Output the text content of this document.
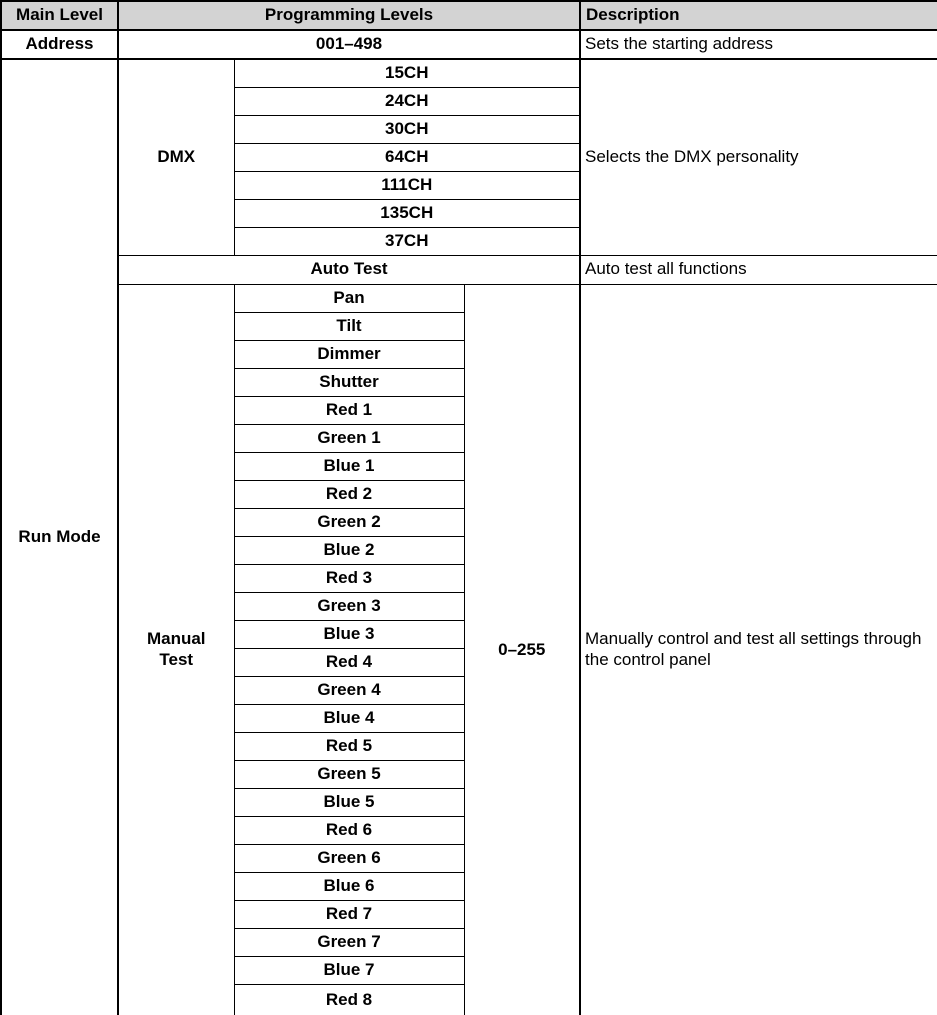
Main Level	Programming Levels			Description
Address	001–498			Sets the starting address
Run Mode	DMX	15CH		Selects the DMX personality
		24CH		
		30CH		
		64CH		
		111CH		
		135CH		
		37CH		
	Auto Test			Auto test all functions
	Manual Test	Pan	0–255	Manually control and test all settings through the control panel
		Tilt		
		Dimmer		
		Shutter		
		Red 1		
		Green 1		
		Blue 1		
		Red 2		
		Green 2		
		Blue 2		
		Red 3		
		Green 3		
		Blue 3		
		Red 4		
		Green 4		
		Blue 4		
		Red 5		
		Green 5		
		Blue 5		
		Red 6		
		Green 6		
		Blue 6		
		Red 7		
		Green 7		
		Blue 7		
		Red 8		
